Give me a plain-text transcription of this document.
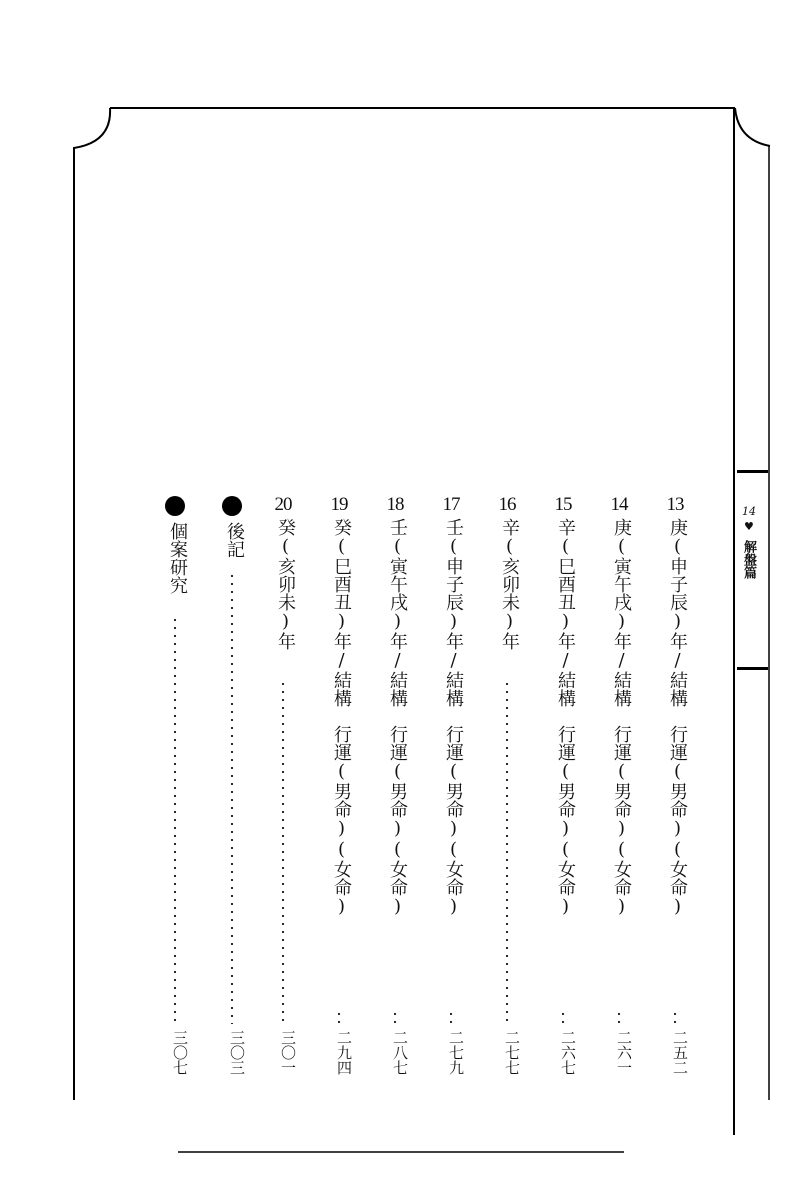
14
♥
解盤篇
13
庚(申子辰)年/結構　行運(男命)(女命)
二五二
14
庚(寅午戌)年/結構　行運(男命)(女命)
二六一
15
辛(巳酉丑)年/結構　行運(男命)(女命)
二六七
16
辛(亥卯未)年
二七七
17
壬(申子辰)年/結構　行運(男命)(女命)
二七九
18
壬(寅午戌)年/結構　行運(男命)(女命)
二八七
19
癸(巳酉丑)年/結構　行運(男命)(女命)
二九四
20
癸(亥卯未)年
三〇一
後記
三〇三
個案研究
三〇七
